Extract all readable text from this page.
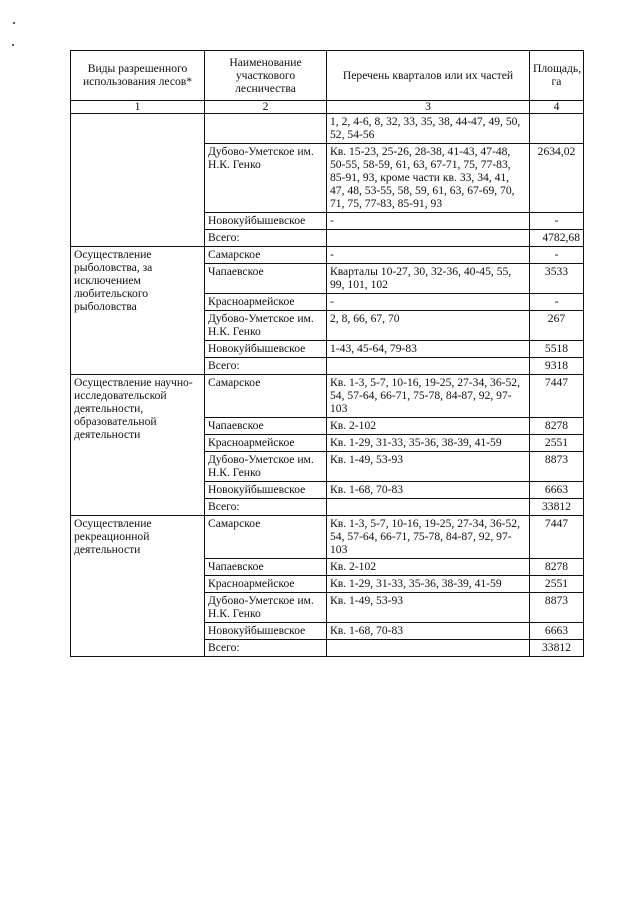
Виды разрешенного использования лесов*	Наименование участкового лесничества	Перечень кварталов или их частей	Площадь, га
1	2	3	4
		1, 2, 4-6, 8, 32, 33, 35, 38, 44-47, 49, 50, 52, 54-56	
	Дубово-Уметское им. Н.К. Генко	Кв. 15-23, 25-26, 28-38, 41-43, 47-48, 50-55, 58-59, 61, 63, 67-71, 75, 77-83, 85-91, 93, кроме части кв. 33, 34, 41, 47, 48, 53-55, 58, 59, 61, 63, 67-69, 70, 71, 75, 77-83, 85-91, 93	2634,02
	Новокуйбышевское	-	-
	Всего:		4782,68
Осуществление рыболовства, за исключением любительского рыболовства	Самарское	-	-
	Чапаевское	Кварталы 10-27, 30, 32-36, 40-45, 55, 99, 101, 102	3533
	Красноармейское	-	-
	Дубово-Уметское им. Н.К. Генко	2, 8, 66, 67, 70	267
	Новокуйбышевское	1-43, 45-64, 79-83	5518
	Всего:		9318
Осуществление научно-исследовательской деятельности, образовательной деятельности	Самарское	Кв. 1-3, 5-7, 10-16, 19-25, 27-34, 36-52, 54, 57-64, 66-71, 75-78, 84-87, 92, 97-103	7447
	Чапаевское	Кв. 2-102	8278
	Красноармейское	Кв. 1-29, 31-33, 35-36, 38-39, 41-59	2551
	Дубово-Уметское им. Н.К. Генко	Кв. 1-49, 53-93	8873
	Новокуйбышевское	Кв. 1-68, 70-83	6663
	Всего:		33812
Осуществление рекреационной деятельности	Самарское	Кв. 1-3, 5-7, 10-16, 19-25, 27-34, 36-52, 54, 57-64, 66-71, 75-78, 84-87, 92, 97-103	7447
	Чапаевское	Кв. 2-102	8278
	Красноармейское	Кв. 1-29, 31-33, 35-36, 38-39, 41-59	2551
	Дубово-Уметское им. Н.К. Генко	Кв. 1-49, 53-93	8873
	Новокуйбышевское	Кв. 1-68, 70-83	6663
	Всего:		33812
